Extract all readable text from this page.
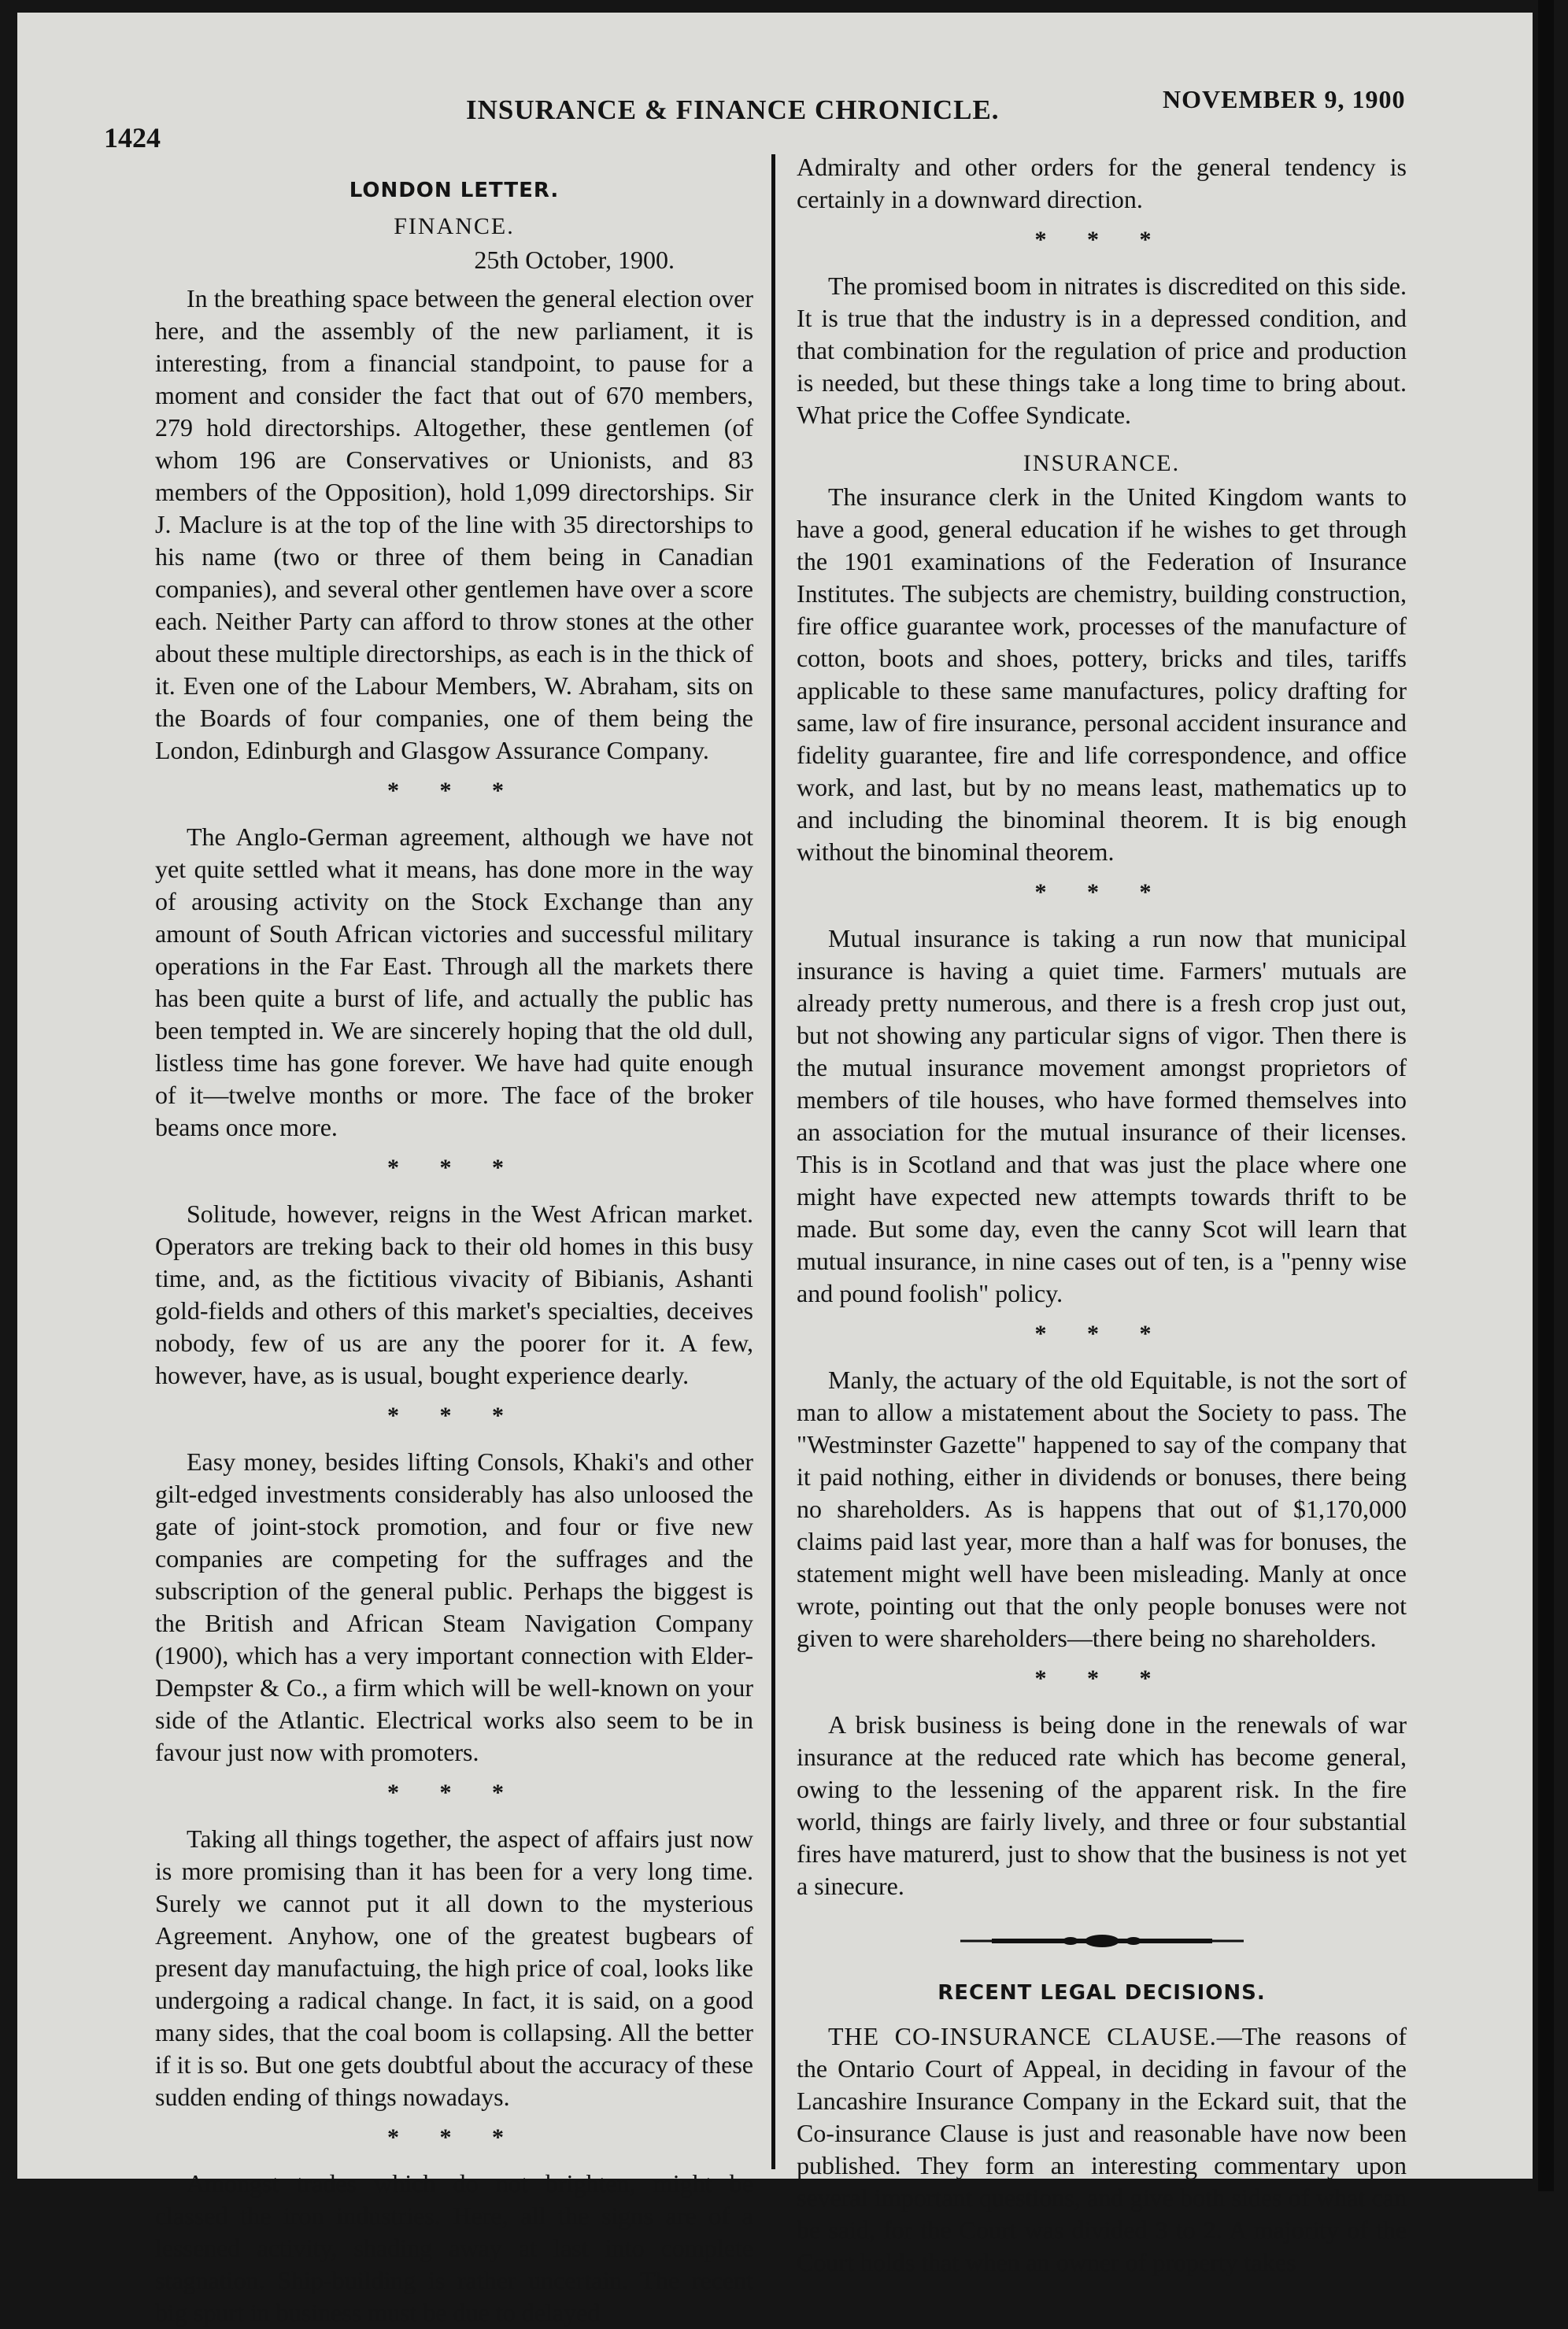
1424
INSURANCE & FINANCE CHRONICLE.	NOVEMBER 9, 1900
LONDON LETTER.
FINANCE.
25th October, 1900.

In the breathing space between the general election over here, and the assembly of the new parliament, it is interesting, from a financial standpoint, to pause for a moment and consider the fact that out of 670 members, 279 hold directorships. Altogether, these gentlemen (of whom 196 are Conservatives or Unionists, and 83 members of the Opposition), hold 1,099 directorships. Sir J. Maclure is at the top of the line with 35 directorships to his name (two or three of them being in Canadian companies), and several other gentlemen have over a score each. Neither Party can afford to throw stones at the other about these multiple directorships, as each is in the thick of it. Even one of the Labour Members, W. Abraham, sits on the Boards of four companies, one of them being the London, Edinburgh and Glasgow Assurance Company.

* * *

The Anglo-German agreement, although we have not yet quite settled what it means, has done more in the way of arousing activity on the Stock Exchange than any amount of South African victories and successful military operations in the Far East. Through all the markets there has been quite a burst of life, and actually the public has been tempted in. We are sincerely hoping that the old dull, listless time has gone forever. We have had quite enough of it—twelve months or more. The face of the broker beams once more.

* * *

Solitude, however, reigns in the West African market. Operators are treking back to their old homes in this busy time, and, as the fictitious vivacity of Bibianis, Ashanti gold-fields and others of this market's specialties, deceives nobody, few of us are any the poorer for it. A few, however, have, as is usual, bought experience dearly.

* * *

Easy money, besides lifting Consols, Khaki's and other gilt-edged investments considerably has also unloosed the gate of joint-stock promotion, and four or five new companies are competing for the suffrages and the subscription of the general public. Perhaps the biggest is the British and African Steam Navigation Company (1900), which has a very important connection with Elder-Dempster & Co., a firm which will be well-known on your side of the Atlantic. Electrical works also seem to be in favour just now with promoters.

* * *

Taking all things together, the aspect of affairs just now is more promising than it has been for a very long time. Surely we cannot put it all down to the mysterious Agreement. Anyhow, one of the greatest bugbears of present day manufactuing, the high price of coal, looks like undergoing a radical change. In fact, it is said, on a good many sides, that the coal boom is collapsing. All the better if it is so. But one gets doubtful about the accuracy of these sudden ending of things nowadays.

* * *

Amongst trades which do not brighten, might be classed the iron industries. Here, all the signs are of a lessened activity, shading away at last into complete stagnation. Ship-building is rather uncertain. The recent big spurt in business must be due to delayed

Admiralty and other orders for the general tendency is certainly in a downward direction.

* * *

The promised boom in nitrates is discredited on this side. It is true that the industry is in a depressed condition, and that combination for the regulation of price and production is needed, but these things take a long time to bring about. What price the Coffee Syndicate.

INSURANCE.

The insurance clerk in the United Kingdom wants to have a good, general education if he wishes to get through the 1901 examinations of the Federation of Insurance Institutes. The subjects are chemistry, building construction, fire office guarantee work, processes of the manufacture of cotton, boots and shoes, pottery, bricks and tiles, tariffs applicable to these same manufactures, policy drafting for same, law of fire insurance, personal accident insurance and fidelity guarantee, fire and life correspondence, and office work, and last, but by no means least, mathematics up to and including the binominal theorem. It is big enough without the binominal theorem.

* * *

Mutual insurance is taking a run now that municipal insurance is having a quiet time. Farmers' mutuals are already pretty numerous, and there is a fresh crop just out, but not showing any particular signs of vigor. Then there is the mutual insurance movement amongst proprietors of members of tile houses, who have formed themselves into an association for the mutual insurance of their licenses. This is in Scotland and that was just the place where one might have expected new attempts towards thrift to be made. But some day, even the canny Scot will learn that mutual insurance, in nine cases out of ten, is a "penny wise and pound foolish" policy.

* * *

Manly, the actuary of the old Equitable, is not the sort of man to allow a mistatement about the Society to pass. The "Westminster Gazette" happened to say of the company that it paid nothing, either in dividends or bonuses, there being no shareholders. As is happens that out of $1,170,000 claims paid last year, more than a half was for bonuses, the statement might well have been misleading. Manly at once wrote, pointing out that the only people bonuses were not given to were shareholders—there being no shareholders.

* * *

A brisk business is being done in the renewals of war insurance at the reduced rate which has become general, owing to the lessening of the apparent risk. In the fire world, things are fairly lively, and three or four substantial fires have maturerd, just to show that the business is not yet a sinecure.

RECENT LEGAL DECISIONS.

THE CO-INSURANCE CLAUSE.—The reasons of the Ontario Court of Appeal, in deciding in favour of the Lancashire Insurance Company in the Eckard suit, that the Co-insurance Clause is just and reasonable have now been published. They form an interesting commentary upon several important questions, and give both sides of what can be said, for the Court was divided 3 to 2. A majority of the Court holds that when an owner of property takes
